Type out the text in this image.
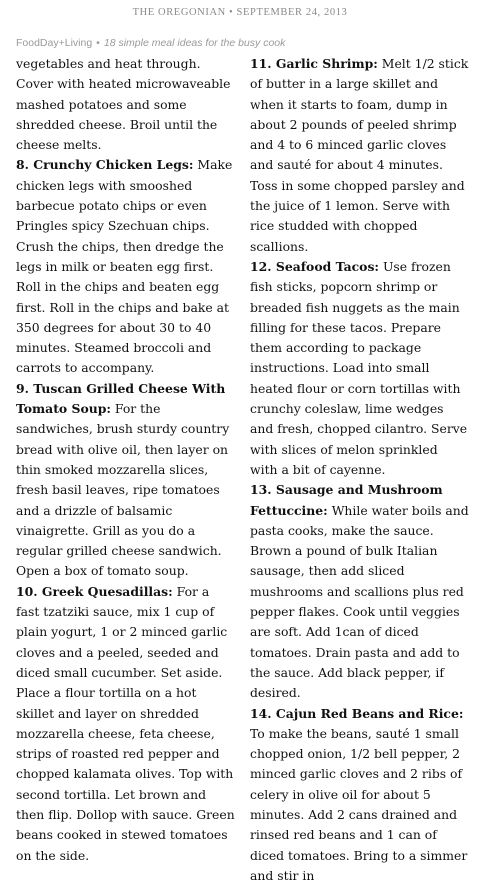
THE OREGONIAN • SEPTEMBER 24, 2013
FoodDay+Living • 18 simple meal ideas for the busy cook

vegetables and heat through. Cover with heated microwaveable mashed potatoes and some shredded cheese. Broil until the cheese melts.

8. Crunchy Chicken Legs: Make chicken legs with smooshed barbecue potato chips or even Pringles spicy Szechuan chips. Crush the chips, then dredge the legs in milk or beaten egg first. Roll in the chips and beaten egg first. Roll in the chips and bake at 350 degrees for about 30 to 40 minutes. Steamed broccoli and carrots to accompany.

9. Tuscan Grilled Cheese With Tomato Soup: For the sandwiches, brush sturdy country bread with olive oil, then layer on thin smoked mozzarella slices, fresh basil leaves, ripe tomatoes and a drizzle of balsamic vinaigrette. Grill as you do a regular grilled cheese sandwich. Open a box of tomato soup.

10. Greek Quesadillas: For a fast tzatziki sauce, mix 1 cup of plain yogurt, 1 or 2 minced garlic cloves and a peeled, seeded and diced small cucumber. Set aside. Place a flour tortilla on a hot skillet and layer on shredded mozzarella cheese, feta cheese, strips of roasted red pepper and chopped kalamata olives. Top with second tortilla. Let brown and then flip. Dollop with sauce. Green beans cooked in stewed tomatoes on the side.

11. Garlic Shrimp: Melt 1/2 stick of butter in a large skillet and when it starts to foam, dump in about 2 pounds of peeled shrimp and 4 to 6 minced garlic cloves and sauté for about 4 minutes. Toss in some chopped parsley and the juice of 1 lemon. Serve with rice studded with chopped scallions.

12. Seafood Tacos: Use frozen fish sticks, popcorn shrimp or breaded fish nuggets as the main filling for these tacos. Prepare them according to package instructions. Load into small heated flour or corn tortillas with crunchy coleslaw, lime wedges and fresh, chopped cilantro. Serve with slices of melon sprinkled with a bit of cayenne.

13. Sausage and Mushroom Fettuccine: While water boils and pasta cooks, make the sauce. Brown a pound of bulk Italian sausage, then add sliced mushrooms and scallions plus red pepper flakes. Cook until veggies are soft. Add 1can of diced tomatoes. Drain pasta and add to the sauce. Add black pepper, if desired.

14. Cajun Red Beans and Rice: To make the beans, sauté 1 small chopped onion, 1/2 bell pepper, 2 minced garlic cloves and 2 ribs of celery in olive oil for about 5 minutes. Add 2 cans drained and rinsed red beans and 1 can of diced tomatoes. Bring to a simmer and stir in
